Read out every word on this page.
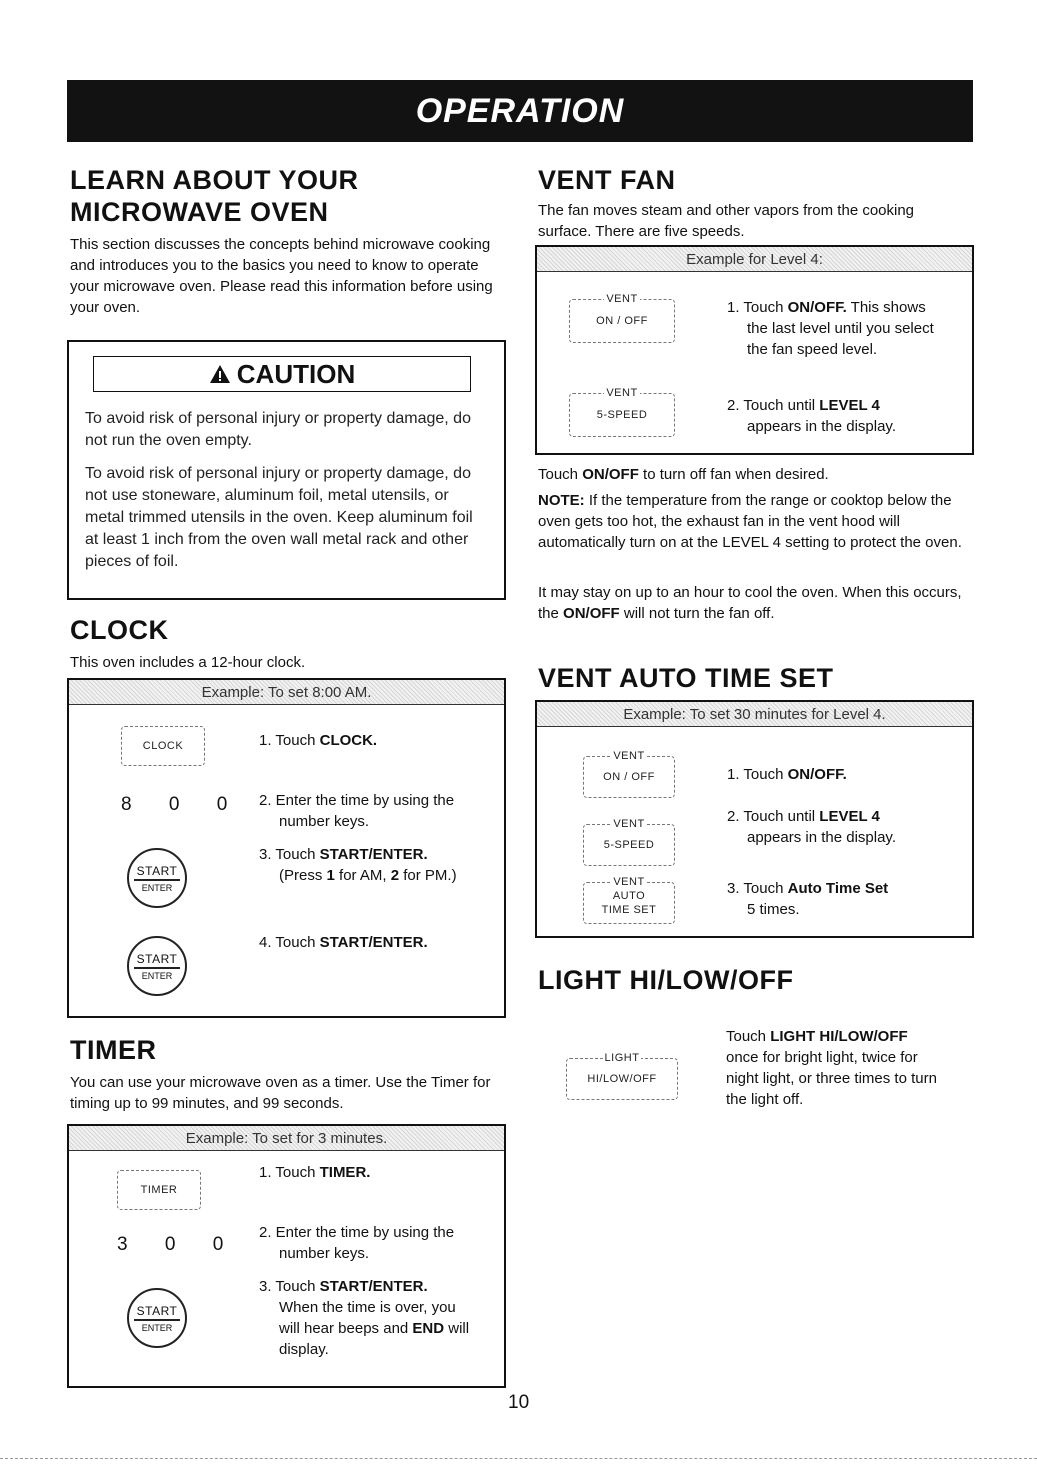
OPERATION
LEARN ABOUT YOUR
MICROWAVE OVEN

This section discusses the concepts behind microwave cooking and introduces you to the basics you need to know to operate your microwave oven. Please read this information before using your oven.

CAUTION

To avoid risk of personal injury or property damage, do not run the oven empty.

To avoid risk of personal injury or property damage, do not use stoneware, aluminum foil, metal utensils, or metal trimmed utensils in the oven. Keep aluminum foil at least 1 inch from the oven wall metal rack and other pieces of foil.

CLOCK

This oven includes a 12-hour clock.

Example: To set 8:00 AM.
CLOCK
8 0 0
START
ENTER
START
ENTER
1. Touch CLOCK.
2. Enter the time by using the
number keys.
3. Touch START/ENTER.
(Press 1 for AM, 2 for PM.)
4. Touch START/ENTER.
TIMER

You can use your microwave oven as a timer. Use the Timer for timing up to 99 minutes, and 99 seconds.

Example: To set for 3 minutes.
TIMER
3 0 0
START
ENTER
1. Touch TIMER.
2. Enter the time by using the
number keys.
3. Touch START/ENTER.
When the time is over, you
will hear beeps and END will
display.
VENT FAN

The fan moves steam and other vapors from the cooking surface. There are five speeds.

Example for Level 4:
VENT
ON / OFF
VENT
5-SPEED
1. Touch ON/OFF. This shows
the last level until you select
the fan speed level.
2. Touch until LEVEL 4
appears in the display.

Touch ON/OFF to turn off fan when desired.

NOTE: If the temperature from the range or cooktop below the oven gets too hot, the exhaust fan in the vent hood will automatically turn on at the LEVEL 4 setting to protect the oven.

It may stay on up to an hour to cool the oven. When this occurs, the ON/OFF will not turn the fan off.

VENT AUTO TIME SET
Example: To set 30 minutes for Level 4.
VENT
ON / OFF
VENT
5-SPEED
VENT
AUTO
TIME SET
1. Touch ON/OFF.
2. Touch until LEVEL 4
appears in the display.
3. Touch Auto Time Set
5 times.
LIGHT HI/LOW/OFF
LIGHT
HI/LOW/OFF
Touch LIGHT HI/LOW/OFF
once for bright light, twice for
night light, or three times to turn
the light off.
10
